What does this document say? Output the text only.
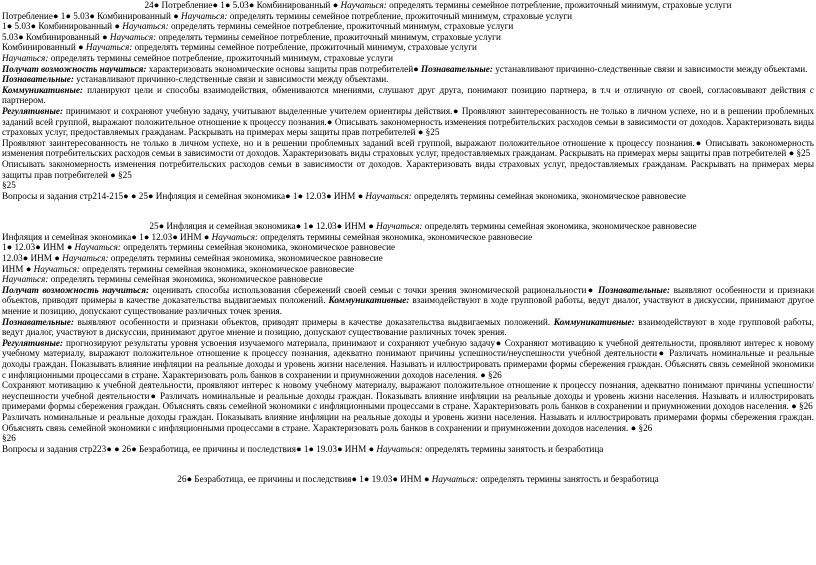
24● Потребление● 1● 5.03● Комбинированный ● Научаться: определять термины семейное потребление, прожиточный минимум, страховые услуги
Потребление● 1● 5.03● Комбинированный ● Научаться: определять термины семейное потребление, прожиточный минимум, страховые услуги
1● 5.03● Комбинированный ● Научаться: определять термины семейное потребление, прожиточный минимум, страховые услуги
5.03● Комбинированный ● Научаться: определять термины семейное потребление, прожиточный минимум, страховые услуги
Комбинированный ● Научаться: определять термины семейное потребление, прожиточный минимум, страховые услуги
Научаться: определять термины семейное потребление, прожиточный минимум, страховые услуги
Получат возможность научиться: характеризовать экономические основы защиты прав потребителей● Познавательные: устанавливают причинно-следственные связи и зависимости между объектами.
Познавательные: устанавливают причинно-следственные связи и зависимости между объектами.
Коммуникативные: планируют цели и способы взаимодействия, обмениваются мнениями, слушают друг друга, понимают позицию партнера, в т.ч и отличную от своей, согласовывают действия с партнером.
Регулятивные: принимают и сохраняют учебную задачу, учитывают выделенные учителем ориентиры действия.● Проявляют заинтересованность не только в личном успехе, но и в решении проблемных заданий всей группой, выражают положительное отношение к процессу познания.● Описывать закономерность изменения потребительских расходов семьи в зависимости от доходов. Характеризовать виды страховых услуг, предоставляемых гражданам. Раскрывать на примерах меры защиты прав потребителей ● §25
Проявляют заинтересованность не только в личном успехе, но и в решении проблемных заданий всей группой, выражают положительное отношение к процессу познания.● Описывать закономерность изменения потребительских расходов семьи в зависимости от доходов. Характеризовать виды страховых услуг, предоставляемых гражданам. Раскрывать на примерах меры защиты прав потребителей ● §25
Описывать закономерность изменения потребительских расходов семьи в зависимости от доходов. Характеризовать виды страховых услуг, предоставляемых гражданам. Раскрывать на примерах меры защиты прав потребителей ● §25
§25
Вопросы и задания стр214-215● ● 25● Инфляция и семейная экономика● 1● 12.03● ИНМ ● Научаться: определять термины семейная экономика, экономическое равновесие
25● Инфляция и семейная экономика● 1● 12.03● ИНМ ● Научаться: определять термины семейная экономика, экономическое равновесие
Инфляция и семейная экономика● 1● 12.03● ИНМ ● Научаться: определять термины семейная экономика, экономическое равновесие
1● 12.03● ИНМ ● Научаться: определять термины семейная экономика, экономическое равновесие
12.03● ИНМ ● Научаться: определять термины семейная экономика, экономическое равновесие
ИНМ ● Научаться: определять термины семейная экономика, экономическое равновесие
Научаться: определять термины семейная экономика, экономическое равновесие
Получат возможность научиться: оценивать способы использования сбережений своей семьи с точки зрения экономической рациональности● Познавательные: выявляют особенности и признаки объектов, приводят примеры в качестве доказательства выдвигаемых положений. Коммуникативные: взаимодействуют в ходе групповой работы, ведут диалог, участвуют в дискуссии, принимают другое мнение и позицию, допускают существование различных точек зрения.
Познавательные: выявляют особенности и признаки объектов, приводят примеры в качестве доказательства выдвигаемых положений. Коммуникативные: взаимодействуют в ходе групповой работы, ведут диалог, участвуют в дискуссии, принимают другое мнение и позицию, допускают существование различных точек зрения.
Регулятивные: прогнозируют результаты уровня усвоения изучаемого материала, принимают и сохраняют учебную задачу● Сохраняют мотивацию к учебной деятельности, проявляют интерес к новому учебному материалу, выражают положительное отношение к процессу познания, адекватно понимают причины успешности/неуспешности учебной деятельности● Различать номинальные и реальные доходы граждан. Показывать влияние инфляции на реальные доходы и уровень жизни населения. Называть и иллюстрировать примерами формы сбережения граждан. Объяснять связь семейной экономики с инфляционными процессами в стране. Характеризовать роль банков в сохранении и приумножении доходов населения. ● §26
Сохраняют мотивацию к учебной деятельности, проявляют интерес к новому учебному материалу, выражают положительное отношение к процессу познания, адекватно понимают причины успешности/неуспешности учебной деятельности● Различать номинальные и реальные доходы граждан. Показывать влияние инфляции на реальные доходы и уровень жизни населения. Называть и иллюстрировать примерами формы сбережения граждан. Объяснять связь семейной экономики с инфляционными процессами в стране. Характеризовать роль банков в сохранении и приумножении доходов населения. ● §26
Различать номинальные и реальные доходы граждан. Показывать влияние инфляции на реальные доходы и уровень жизни населения. Называть и иллюстрировать примерами формы сбережения граждан. Объяснять связь семейной экономики с инфляционными процессами в стране. Характеризовать роль банков в сохранении и приумножении доходов населения. ● §26
§26
Вопросы и задания стр223● ● 26● Безработица, ее причины и последствия● 1● 19.03● ИНМ ● Научаться: определять термины занятость и безработица
26● Безработица, ее причины и последствия● 1● 19.03● ИНМ ● Научаться: определять термины занятость и безработица
